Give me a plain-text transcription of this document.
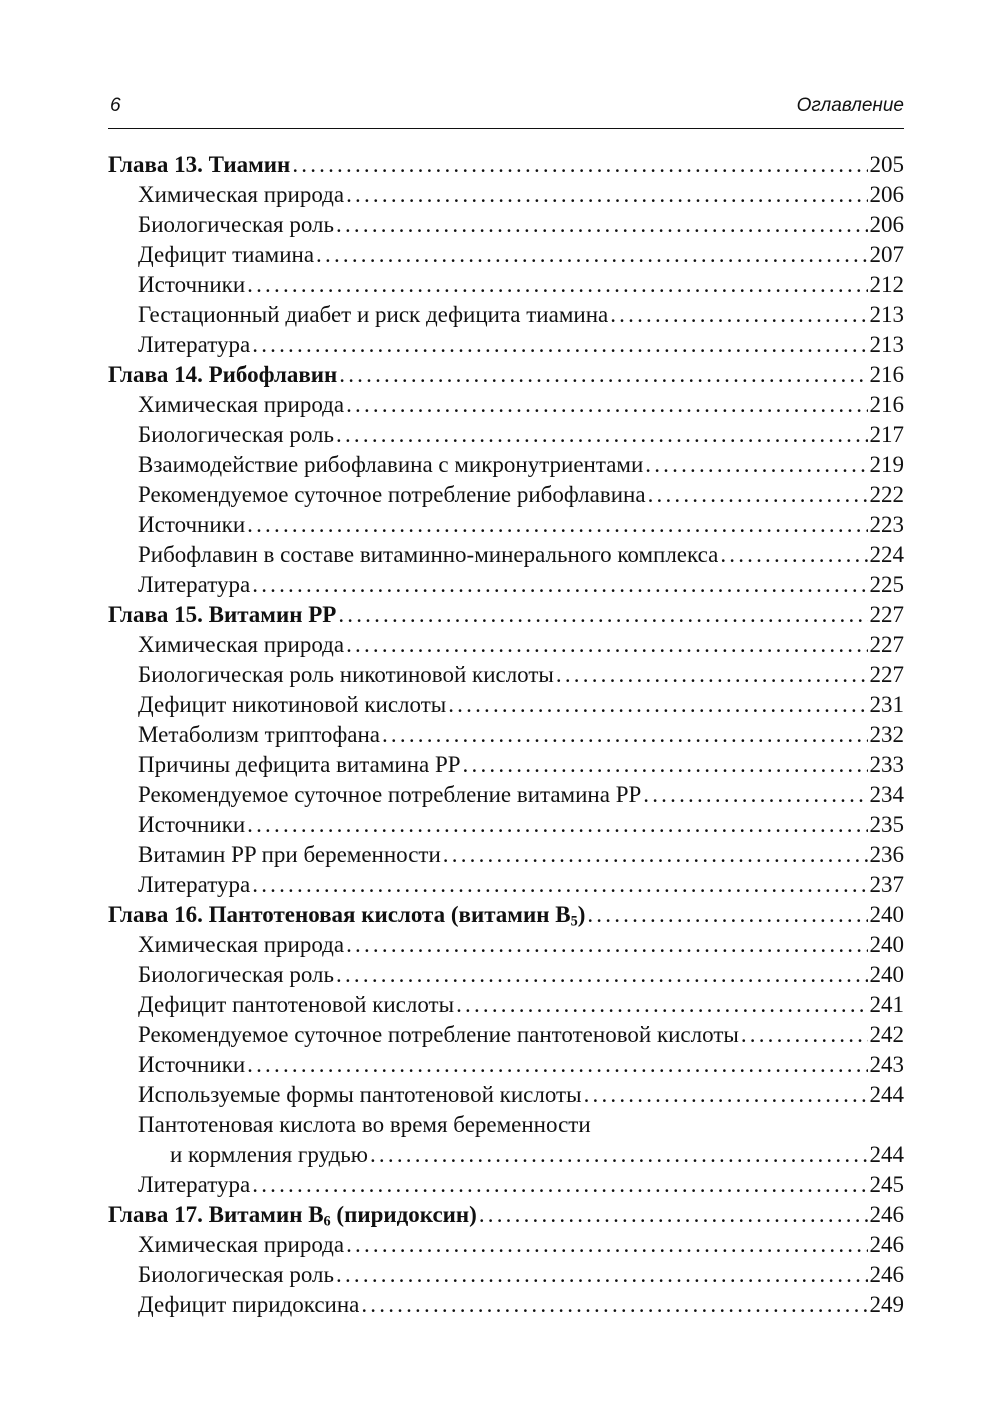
6	Оглавление
Глава 13. Тиамин .....	205
Химическая природа .....	206
Биологическая роль .....	206
Дефицит тиамина .....	207
Источники .....	212
Гестационный диабет и риск дефицита тиамина .....	213
Литература .....	213
Глава 14. Рибофлавин .....	216
Химическая природа .....	216
Биологическая роль .....	217
Взаимодействие рибофлавина с микронутриентами .....	219
Рекомендуемое суточное потребление рибофлавина .....	222
Источники .....	223
Рибофлавин в составе витаминно-минерального комплекса .....	224
Литература .....	225
Глава 15. Витамин PP .....	227
Химическая природа .....	227
Биологическая роль никотиновой кислоты .....	227
Дефицит никотиновой кислоты .....	231
Метаболизм триптофана .....	232
Причины дефицита витамина PP .....	233
Рекомендуемое суточное потребление витамина PP .....	234
Источники .....	235
Витамин PP при беременности .....	236
Литература .....	237
Глава 16. Пантотеновая кислота (витамин $B_5$) .....	240
Химическая природа .....	240
Биологическая роль .....	240
Дефицит пантотеновой кислоты .....	241
Рекомендуемое суточное потребление пантотеновой кислоты .....	242
Источники .....	243
Используемые формы пантотеновой кислоты .....	244
Пантотеновая кислота во время беременности
и кормления грудью .....	244
Литература .....	245
Глава 17. Витамин $B_6$ (пиридоксин) .....	246
Химическая природа .....	246
Биологическая роль .....	246
Дефицит пиридоксина .....	249
